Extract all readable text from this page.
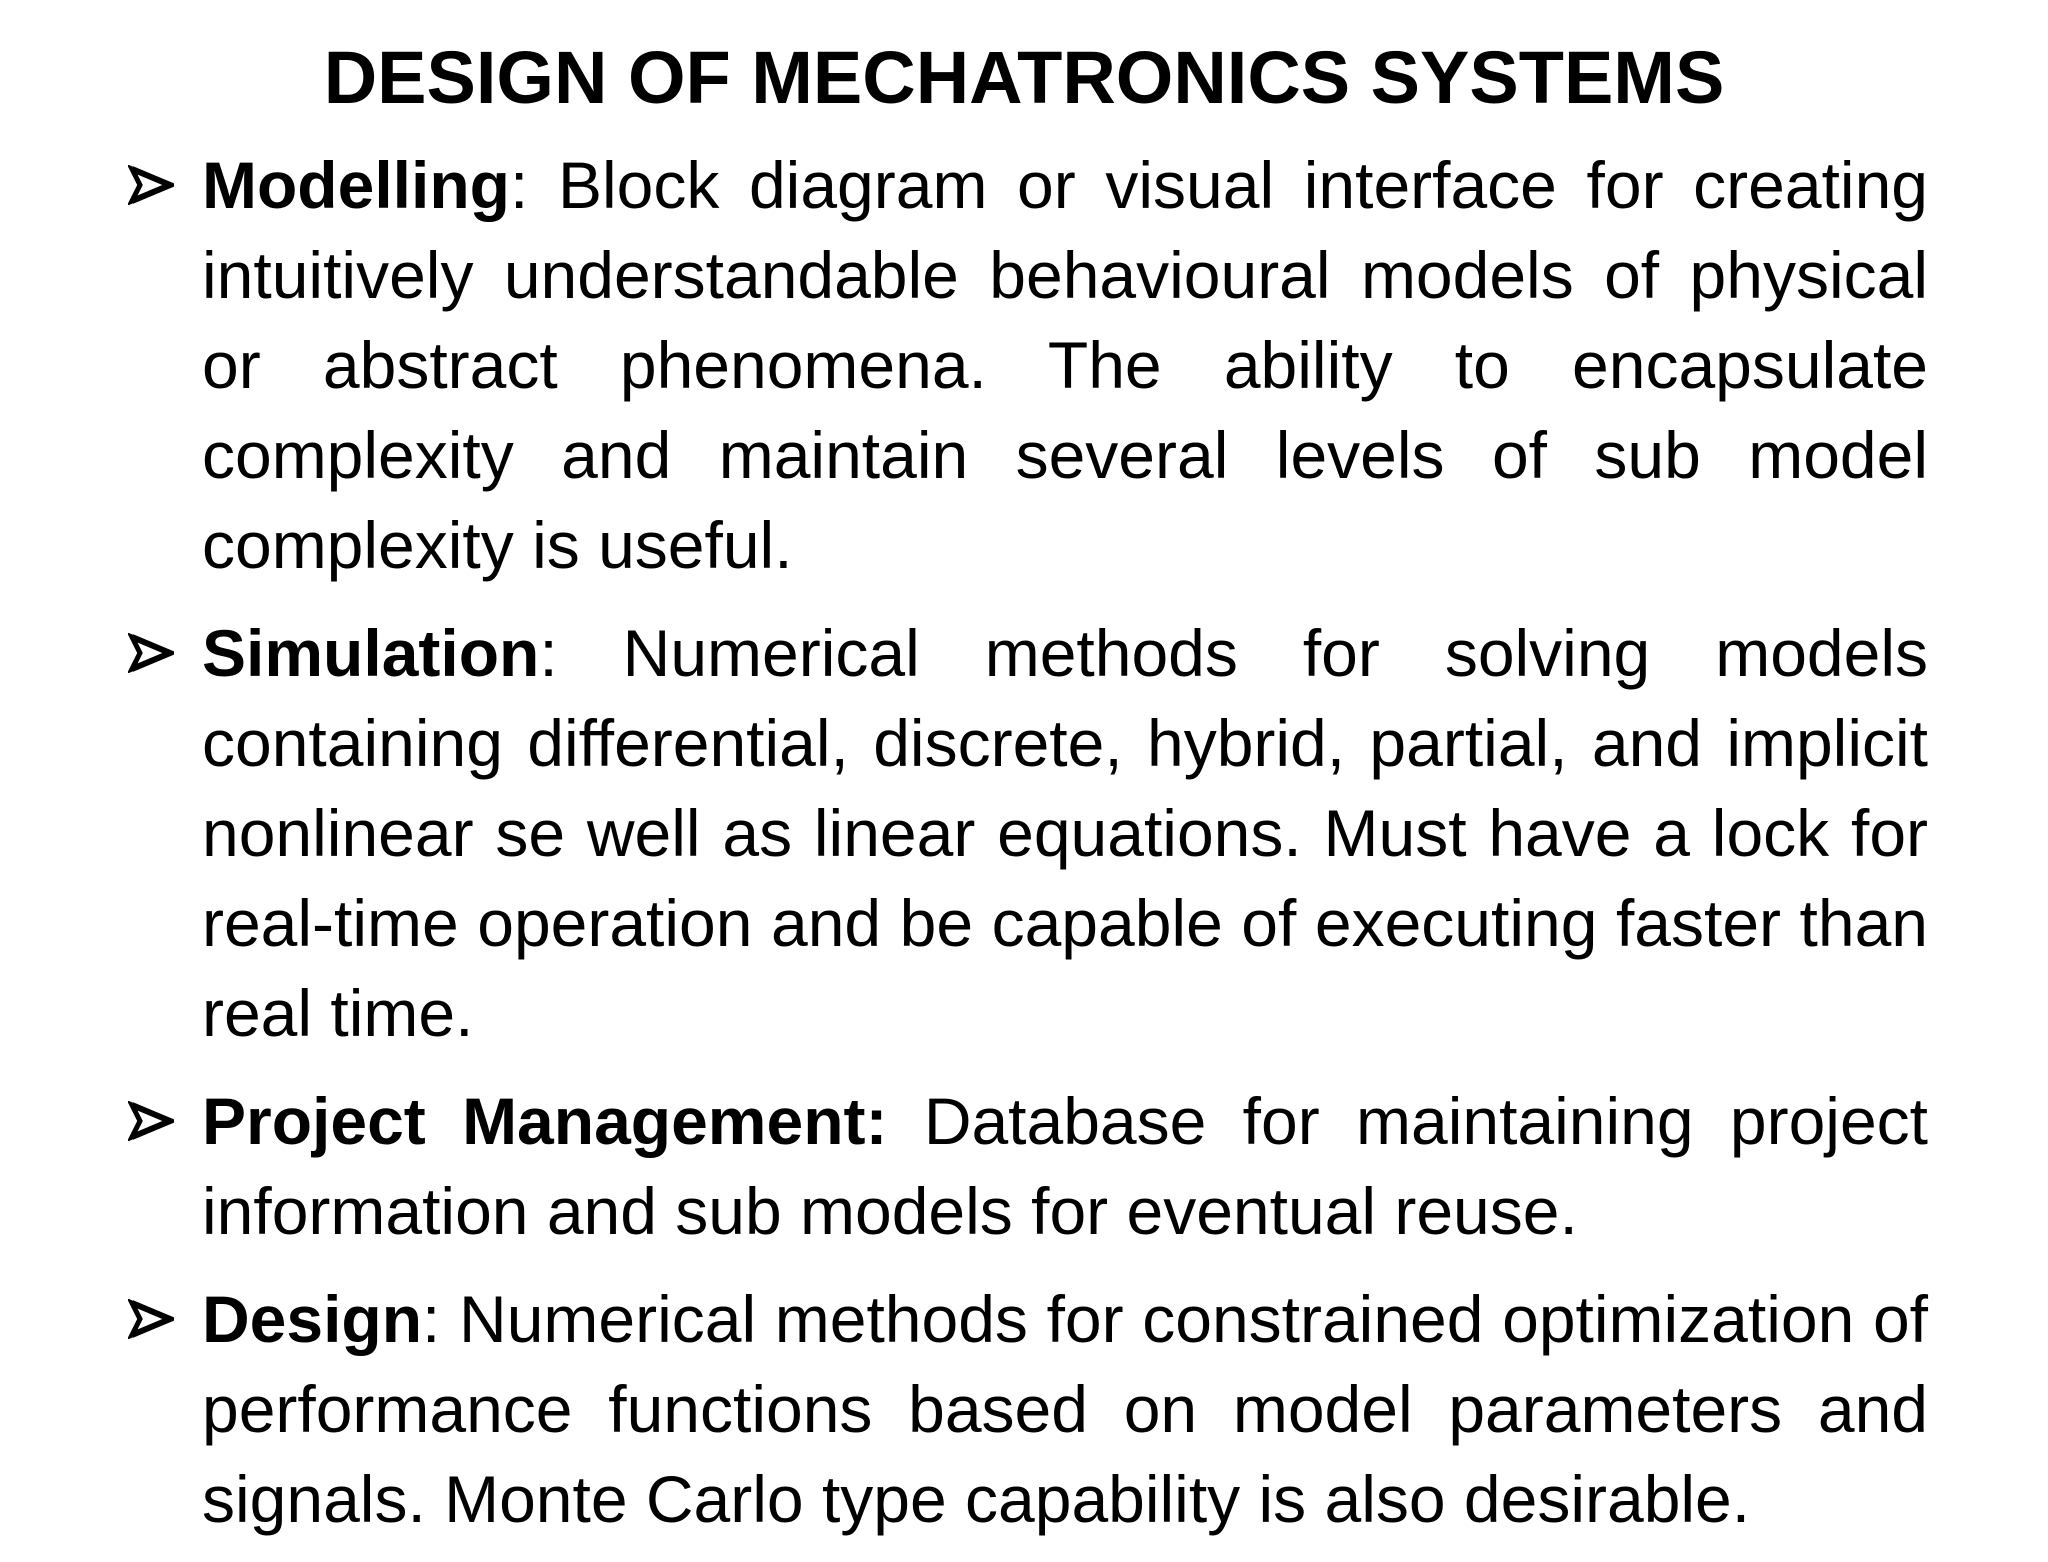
DESIGN OF MECHATRONICS SYSTEMS
Modelling: Block diagram or visual interface for creating intuitively understandable behavioural models of physical or abstract phenomena. The ability to encapsulate complexity and maintain several levels of sub model complexity is useful.
Simulation: Numerical methods for solving models containing differential, discrete, hybrid, partial, and implicit nonlinear se well as linear equations. Must have a lock for real-time operation and be capable of executing faster than real time.
Project Management: Database for maintaining project information and sub models for eventual reuse.
Design: Numerical methods for constrained optimization of performance functions based on model parameters and signals. Monte Carlo type capability is also desirable.
